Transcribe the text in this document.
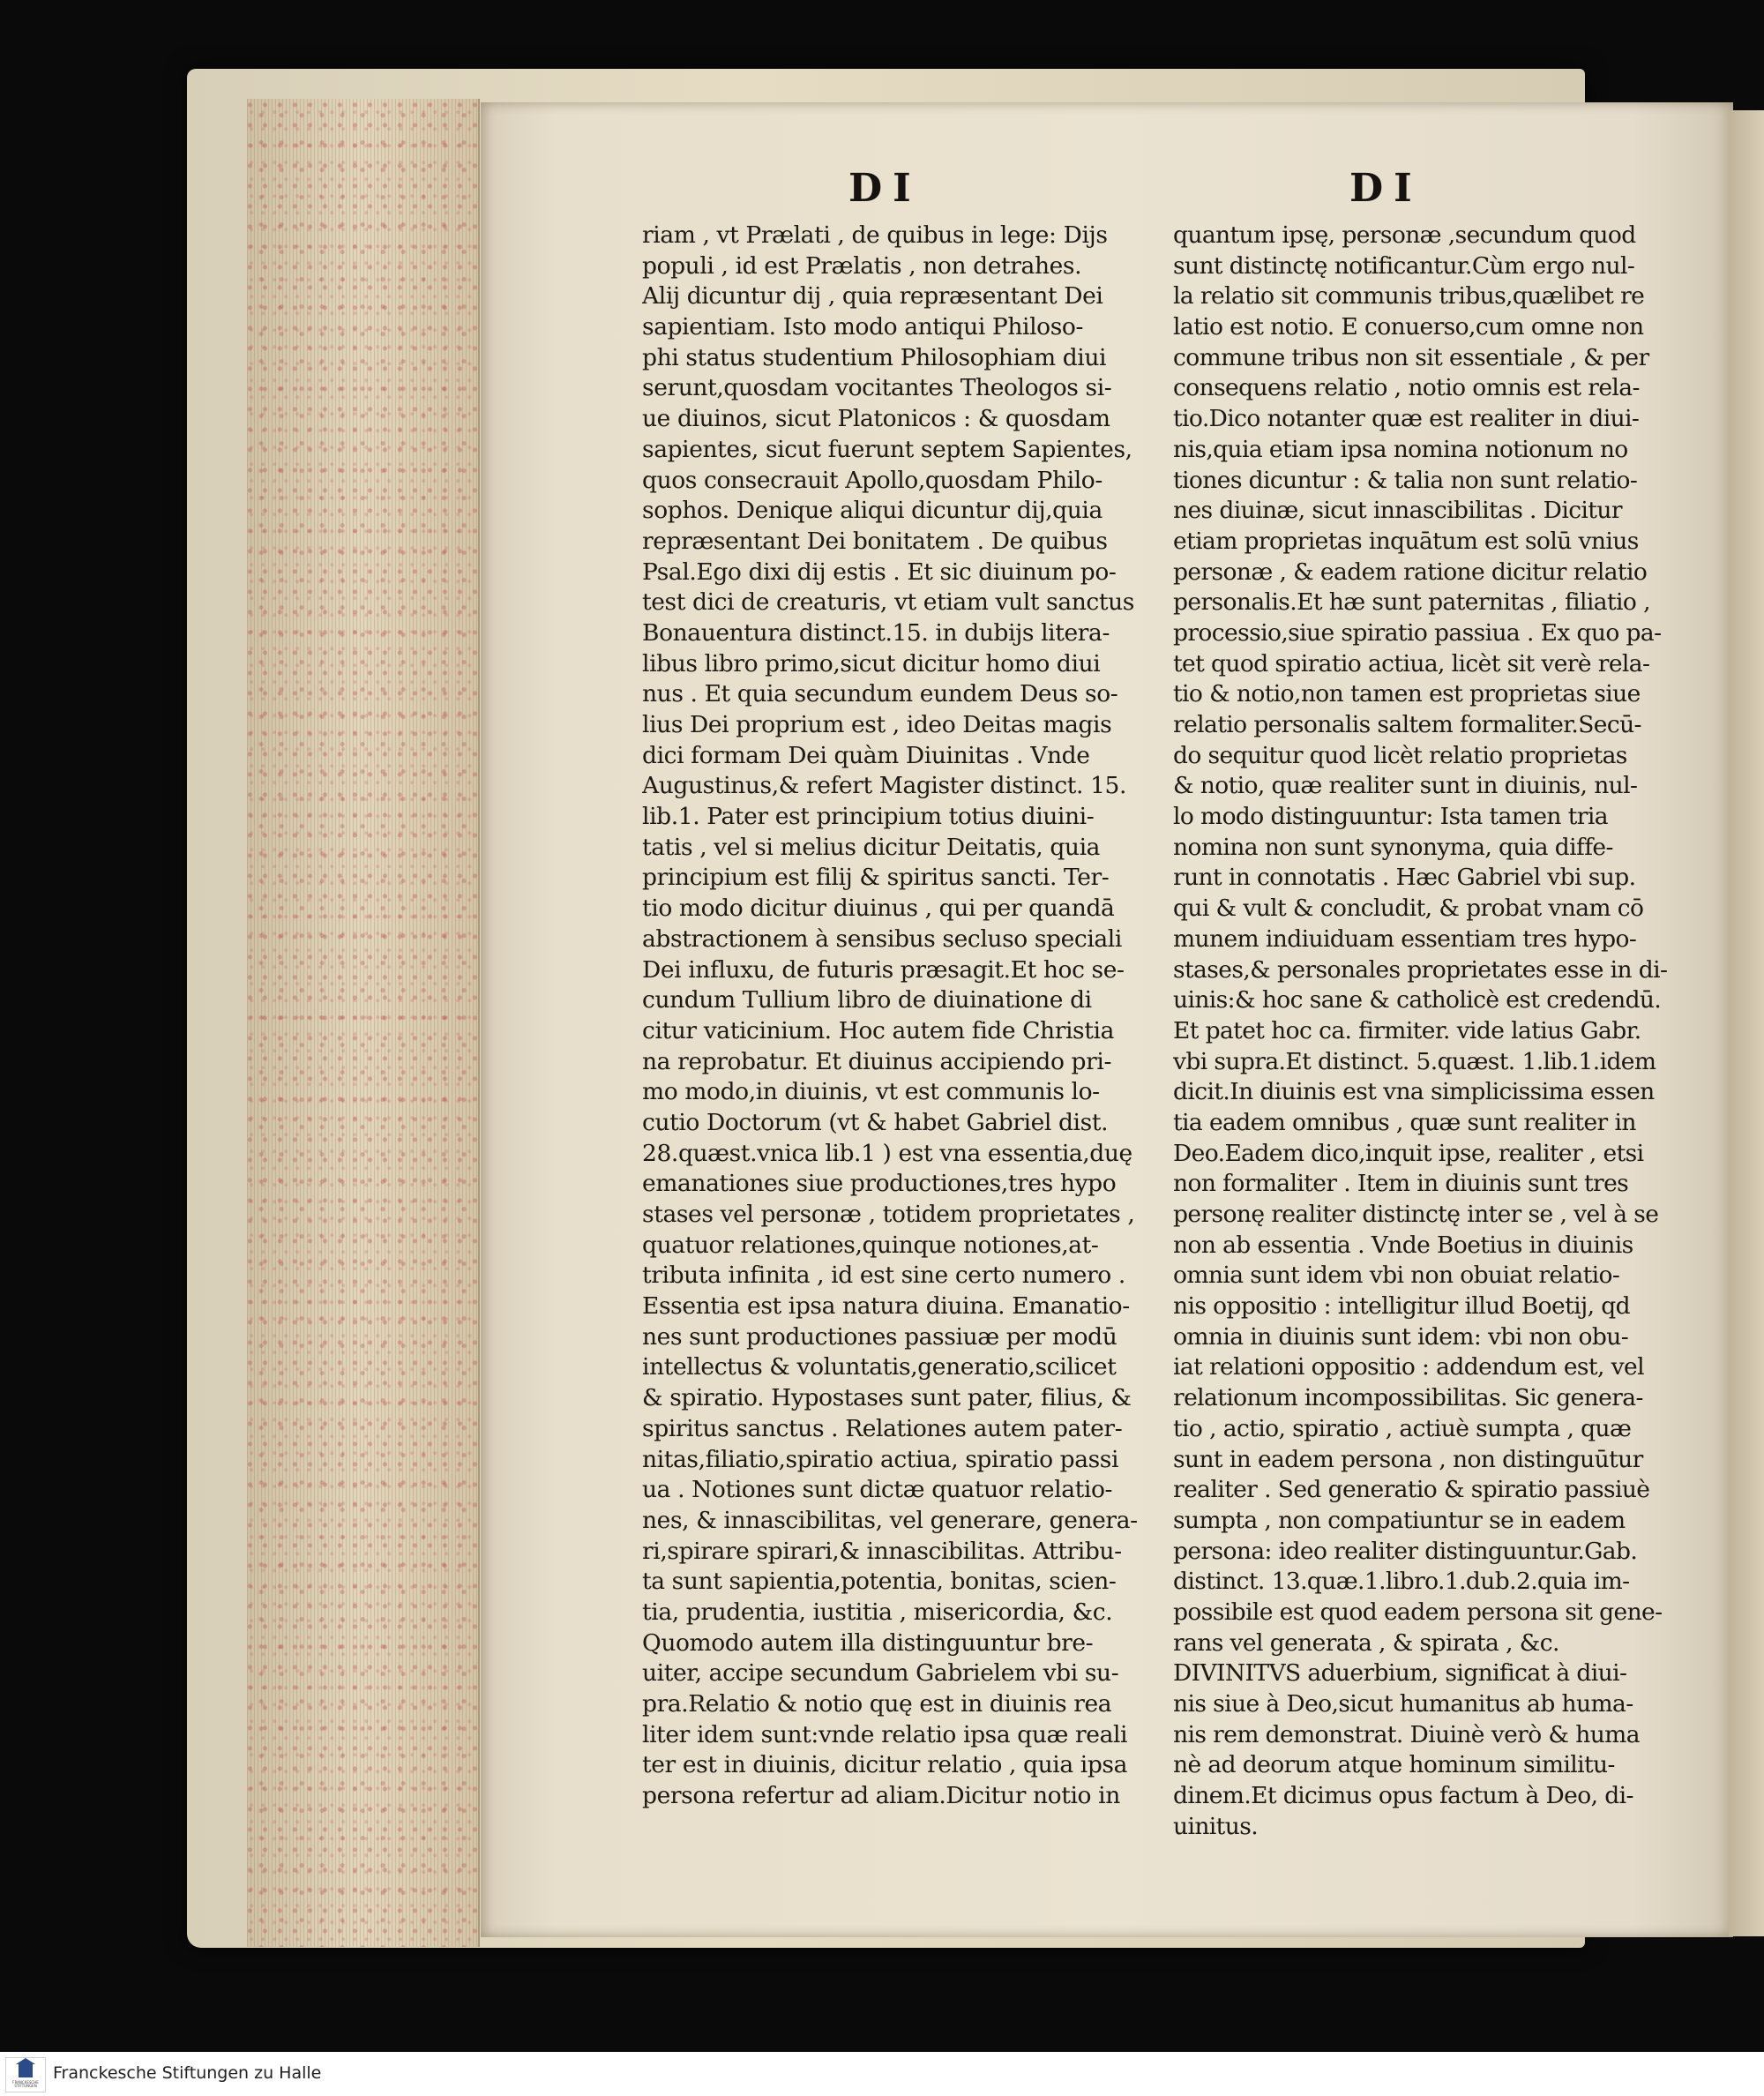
DI	DI
riam , vt Prælati , de quibus in lege: Dijs
populi , id est Prælatis , non detrahes.
Alij dicuntur dij , quia repræsentant Dei
sapientiam. Isto modo antiqui Philoso-
phi status studentium Philosophiam diui
serunt,quosdam vocitantes Theologos si-
ue diuinos, sicut Platonicos : & quosdam
sapientes, sicut fuerunt septem Sapientes,
quos consecrauit Apollo,quosdam Philo-
sophos. Denique aliqui dicuntur dij,quia
repræsentant Dei bonitatem . De quibus
Psal.Ego dixi dij estis . Et sic diuinum po-
test dici de creaturis, vt etiam vult sanctus
Bonauentura distinct.15. in dubijs litera-
libus libro primo,sicut dicitur homo diui
nus . Et quia secundum eundem Deus so-
lius Dei proprium est , ideo Deitas magis
dici formam Dei quàm Diuinitas . Vnde
Augustinus,& refert Magister distinct. 15.
lib.1. Pater est principium totius diuini-
tatis , vel si melius dicitur Deitatis, quia
principium est filij & spiritus sancti. Ter-
tio modo dicitur diuinus , qui per quandā
abstractionem à sensibus secluso speciali
Dei influxu, de futuris præsagit.Et hoc se-
cundum Tullium libro de diuinatione di
citur vaticinium. Hoc autem fide Christia
na reprobatur. Et diuinus accipiendo pri-
mo modo,in diuinis, vt est communis lo-
cutio Doctorum (vt & habet Gabriel dist.
28.quæst.vnica lib.1 ) est vna essentia,duę
emanationes siue productiones,tres hypo
stases vel personæ , totidem proprietates ,
quatuor relationes,quinque notiones,at-
tributa infinita , id est sine certo numero .
Essentia est ipsa natura diuina. Emanatio-
nes sunt productiones passiuæ per modū
intellectus & voluntatis,generatio,scilicet
& spiratio. Hypostases sunt pater, filius, &
spiritus sanctus . Relationes autem pater-
nitas,filiatio,spiratio actiua, spiratio passi
ua . Notiones sunt dictæ quatuor relatio-
nes, & innascibilitas, vel generare, genera-
ri,spirare spirari,& innascibilitas. Attribu-
ta sunt sapientia,potentia, bonitas, scien-
tia, prudentia, iustitia , misericordia, &c.
Quomodo autem illa distinguuntur bre-
uiter, accipe secundum Gabrielem vbi su-
pra.Relatio & notio quę est in diuinis rea
liter idem sunt:vnde relatio ipsa quæ reali
ter est in diuinis, dicitur relatio , quia ipsa
persona refertur ad aliam.Dicitur notio in
quantum ipsę, personæ ,secundum quod
sunt distinctę notificantur.Cùm ergo nul-
la relatio sit communis tribus,quælibet re
latio est notio. E conuerso,cum omne non
commune tribus non sit essentiale , & per
consequens relatio , notio omnis est rela-
tio.Dico notanter quæ est realiter in diui-
nis,quia etiam ipsa nomina notionum no
tiones dicuntur : & talia non sunt relatio-
nes diuinæ, sicut innascibilitas . Dicitur
etiam proprietas inquātum est solū vnius
personæ , & eadem ratione dicitur relatio
personalis.Et hæ sunt paternitas , filiatio ,
processio,siue spiratio passiua . Ex quo pa-
tet quod spiratio actiua, licèt sit verè rela-
tio & notio,non tamen est proprietas siue
relatio personalis saltem formaliter.Secū-
do sequitur quod licèt relatio proprietas
& notio, quæ realiter sunt in diuinis, nul-
lo modo distinguuntur: Ista tamen tria
nomina non sunt synonyma, quia diffe-
runt in connotatis . Hæc Gabriel vbi sup.
qui & vult & concludit, & probat vnam cō
munem indiuiduam essentiam tres hypo-
stases,& personales proprietates esse in di-
uinis:& hoc sane & catholicè est credendū.
Et patet hoc ca. firmiter. vide latius Gabr.
vbi supra.Et distinct. 5.quæst. 1.lib.1.idem
dicit.In diuinis est vna simplicissima essen
tia eadem omnibus , quæ sunt realiter in
Deo.Eadem dico,inquit ipse, realiter , etsi
non formaliter . Item in diuinis sunt tres
personę realiter distinctę inter se , vel à se
non ab essentia . Vnde Boetius in diuinis
omnia sunt idem vbi non obuiat relatio-
nis oppositio : intelligitur illud Boetij, qd
omnia in diuinis sunt idem: vbi non obu-
iat relationi oppositio : addendum est, vel
relationum incompossibilitas. Sic genera-
tio , actio, spiratio , actiuè sumpta , quæ
sunt in eadem persona , non distinguūtur
realiter . Sed generatio & spiratio passiuè
sumpta , non compatiuntur se in eadem
persona: ideo realiter distinguuntur.Gab.
distinct. 13.quæ.1.libro.1.dub.2.quia im-
possibile est quod eadem persona sit gene-
rans vel generata , & spirata , &c.
DIVINITVS aduerbium, significat à diui-
nis siue à Deo,sicut humanitus ab huma-
nis rem demonstrat. Diuinè verò & huma
nè ad deorum atque hominum similitu-
dinem.Et dicimus opus factum à Deo, di-
uinitus.
FRANCKESCHE STIFTUNGEN
Franckesche Stiftungen zu Halle
